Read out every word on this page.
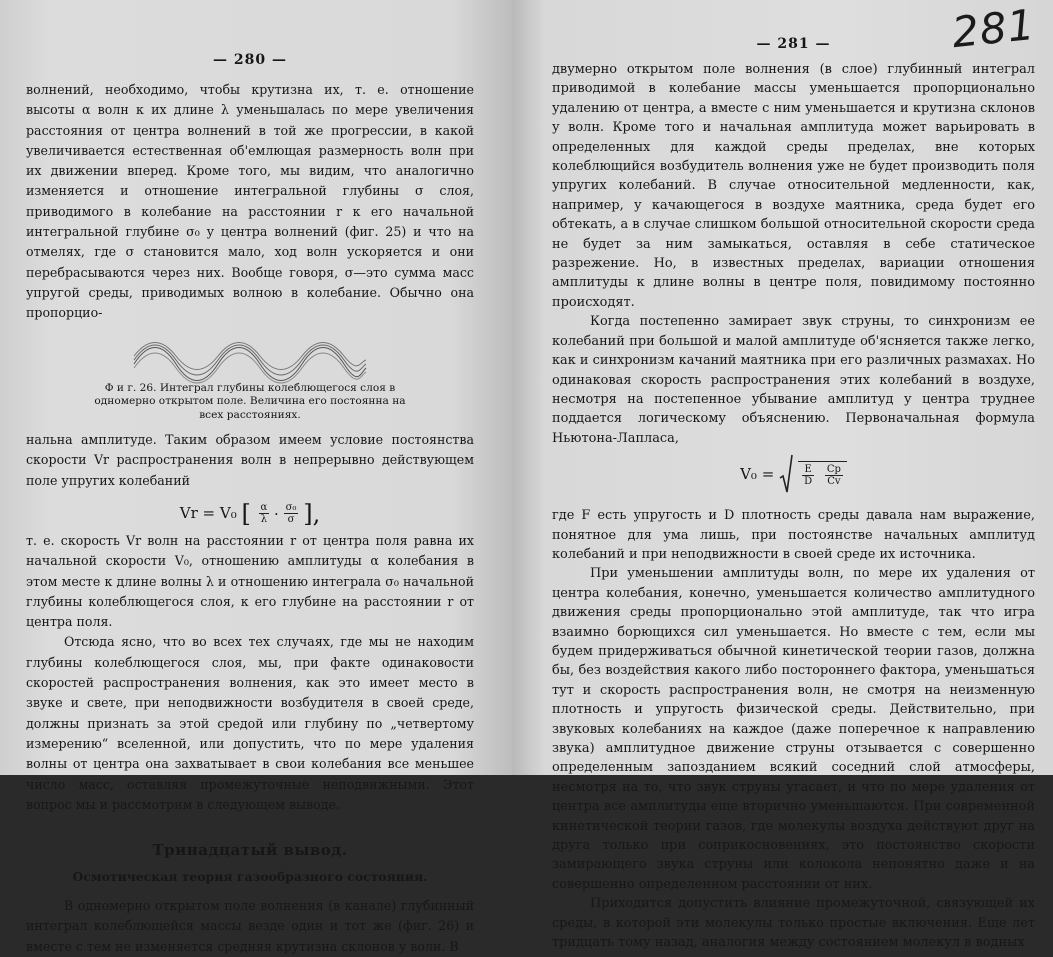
— 280 —

волнений, необходимо, чтобы крутизна их, т. е. отношение высоты α волн к их длине λ уменьшалась по мере увеличения расстояния от центра волнений в той же прогрессии, в какой увеличивается естественная об'емлющая размерность волн при их движении вперед. Кроме того, мы видим, что аналогично изменяется и отношение интегральной глубины σ слоя, приводимого в колебание на расстоянии r к его начальной интегральной глубине σ₀ у центра волнений (фиг. 25) и что на отмелях, где σ становится мало, ход волн ускоряется и они перебрасываются через них. Вообще говоря, σ—это сумма масс упругой среды, приводимых волною в колебание. Обычно она пропорцио-

Ф и г. 26. Интеграл глубины колеблющегося слоя в одномерно открытом поле. Величина его постоянна на всех расстояниях.

нальна амплитуде. Таким образом имеем условие постоянства скорости Vr распространения волн в непрерывно действующем поле упругих колебаний

Vr = V₀ [ $\frac{\alpha}{\lambda} \cdot \frac{\text{σ₀}}{\sigma}$ ],

т. е. скорость Vr волн на расстоянии r от центра поля равна их начальной скорости V₀, отношению амплитуды α колебания в этом месте к длине волны λ и отношению интеграла σ₀ начальной глубины колеблющегося слоя, к его глубине на расстоянии r от центра поля.

Отсюда ясно, что во всех тех случаях, где мы не находим глубины колеблющегося слоя, мы, при факте одинаковости скоростей распространения волнения, как это имеет место в звуке и свете, при неподвижности возбудителя в своей среде, должны признать за этой средой или глубину по „четвертому измерению“ вселенной, или допустить, что по мере удаления волны от центра она захватывает в свои колебания все меньшее число масс, оставляя промежуточные неподвижными. Этот вопрос мы и рассмотрим в следующем выводе.

Тринадцатый вывод.
Осмотическая теория газообразного состояния.

В одномерно открытом поле волнения (в канале) глубинный интеграл колеблющейся массы везде один и тот же (фиг. 26) и вместе с тем не изменяется средняя крутизна склонов у волн. В

281
— 281 —

двумерно открытом поле волнения (в слое) глубинный интеграл приводимой в колебание массы уменьшается пропорционально удалению от центра, а вместе с ним уменьшается и крутизна склонов у волн. Кроме того и начальная амплитуда может варьировать в определенных для каждой среды пределах, вне которых колеблющийся возбудитель волнения уже не будет производить поля упругих колебаний. В случае относительной медленности, как, например, у качающегося в воздухе маятника, среда будет его обтекать, а в случае слишком большой относительной скорости среда не будет за ним замыкаться, оставляя в себе статическое разрежение. Но, в известных пределах, вариации отношения амплитуды к длине волны в центре поля, повидимому постоянно происходят.

Когда постепенно замирает звук струны, то синхронизм ее колебаний при большой и малой амплитуде об'ясняется также легко, как и синхронизм качаний маятника при его различных размахах. Но одинаковая скорость распространения этих колебаний в воздухе, несмотря на постепенное убывание амплитуд у центра труднее поддается логическому объяснению. Первоначальная формула Ньютона-Лапласа,

V₀ =	$\frac{E}{D}$
$\frac{Cp}{Cv}$

где F есть упругость и D плотность среды давала нам выражение, понятное для ума лишь, при постоянстве начальных амплитуд колебаний и при неподвижности в своей среде их источника.

При уменьшении амплитуды волн, по мере их удаления от центра колебания, конечно, уменьшается количество амплитудного движения среды пропорционально этой амплитуде, так что игра взаимно борющихся сил уменьшается. Но вместе с тем, если мы будем придерживаться обычной кинетической теории газов, должна бы, без воздействия какого либо постороннего фактора, уменьшаться тут и скорость распространения волн, не смотря на неизменную плотность и упругость физической среды. Действительно, при звуковых колебаниях на каждое (даже поперечное к направлению звука) амплитудное движение струны отзывается с совершенно определенным запозданием всякий соседний слой атмосферы, несмотря на то, что звук струны угасает, и что по мере удаления от центра все амплитуды еще вторично уменьшаются. При современной кинетической теории газов, где молекулы воздуха действуют друг на друга только при соприкосновениях, это постоянство скорости замирающего звука струны или колокола непонятно даже и на совершенно определенном расстоянии от них.

Приходится допустить влияние промежуточной, связующей их среды, в которой эти молекулы только простые включения. Еще лет тридцать тому назад, аналогия между состоянием молекул в водных
